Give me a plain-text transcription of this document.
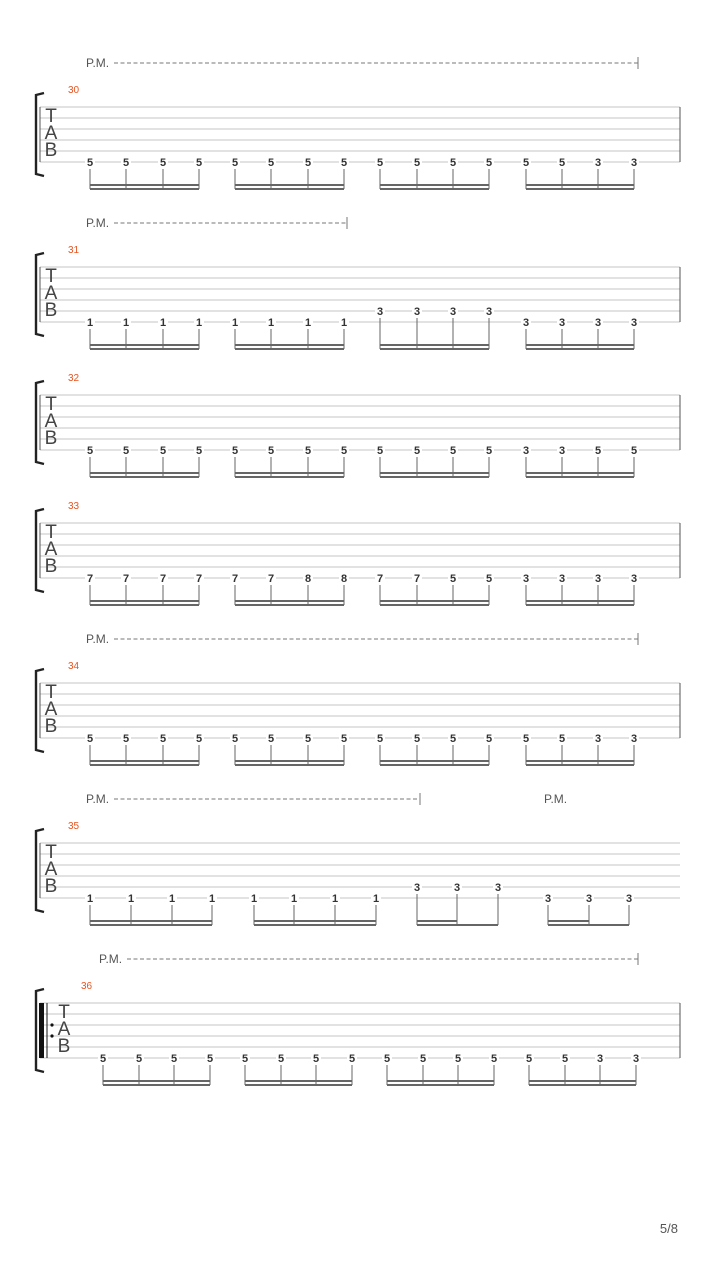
T
A
B
30
P.M.
5	5	5	5	5	5	5	5	5	5	5	5	5	5	3	3
T
A
B
31
P.M.
1	1	1	1	1	1	1	1
3	3	3	3
3	3	3	3
T
A
B
32
5	5	5	5	5	5	5	5	5	5	5	5	3	3	5	5
T
A
B
33
7	7	7	7	7	7	8	8	7	7	5	5	3	3	3	3
T
A
B
34
P.M.
5	5	5	5	5	5	5	5	5	5	5	5	5	5	3	3
T
A
B
35
P.M.	P.M.
1	1	1	1	1	1	1	1
3	3	3
3	3	3
T
A
B
36
P.M.
5	5	5	5	5	5	5	5	5	5	5	5	5	5	3	3
5/8
